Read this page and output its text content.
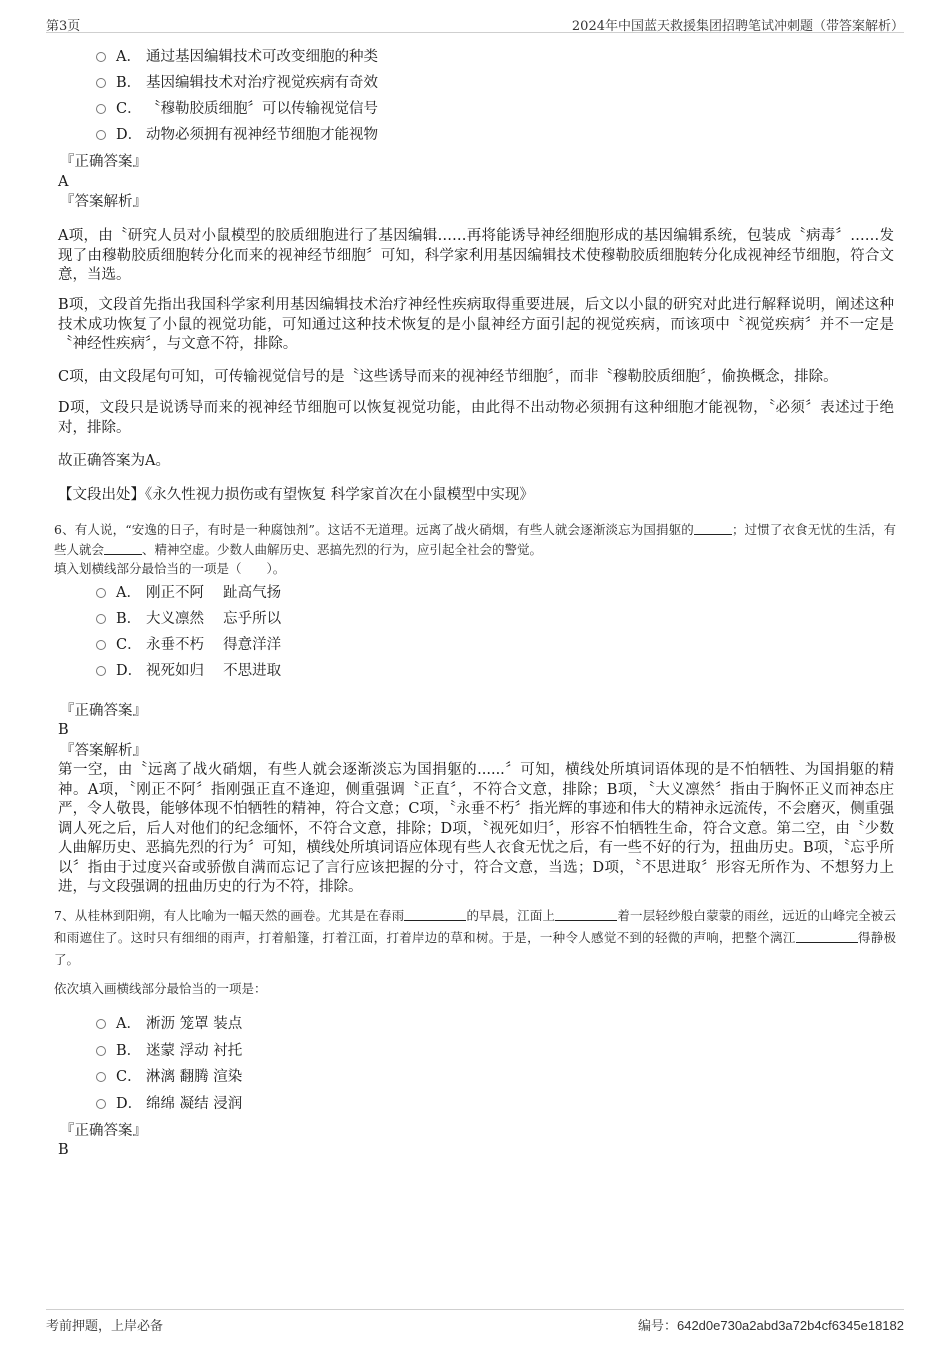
第3页	2024年中国蓝天救援集团招聘笔试冲刺题（带答案解析）
A． 通过基因编辑技术可改变细胞的种类
B． 基因编辑技术对治疗视觉疾病有奇效
C． 〝穆勒胶质细胞〞可以传输视觉信号
D． 动物必须拥有视神经节细胞才能视物
『正确答案』
A
『答案解析』
A项，由〝研究人员对小鼠模型的胶质细胞进行了基因编辑……再将能诱导神经细胞形成的基因编辑系统，包装成〝病毒〞……发现了由穆勒胶质细胞转分化而来的视神经节细胞〞可知，科学家利用基因编辑技术使穆勒胶质细胞转分化成视神经节细胞，符合文意，当选。
B项，文段首先指出我国科学家利用基因编辑技术治疗神经性疾病取得重要进展，后文以小鼠的研究对此进行解释说明，阐述这种技术成功恢复了小鼠的视觉功能，可知通过这种技术恢复的是小鼠神经方面引起的视觉疾病，而该项中〝视觉疾病〞并不一定是〝神经性疾病〞，与文意不符，排除。
C项，由文段尾句可知，可传输视觉信号的是〝这些诱导而来的视神经节细胞〞，而非〝穆勒胶质细胞〞，偷换概念，排除。
D项，文段只是说诱导而来的视神经节细胞可以恢复视觉功能，由此得不出动物必须拥有这种细胞才能视物，〝必须〞表述过于绝对，排除。
故正确答案为A。
【文段出处】《永久性视力损伤或有望恢复 科学家首次在小鼠模型中实现》
6、有人说，“安逸的日子，有时是一种腐蚀剂”。这话不无道理。远离了战火硝烟，有些人就会逐渐淡忘为国捐躯的	；过惯了衣食无忧的生活，有些人就会	、精神空虚。少数人曲解历史、恶搞先烈的行为，应引起全社会的警觉。
填入划横线部分最恰当的一项是（　　）。
A． 刚正不阿　 趾高气扬
B． 大义凛然　 忘乎所以
C． 永垂不朽　 得意洋洋
D． 视死如归　 不思进取
『正确答案』
B
『答案解析』
第一空，由〝远离了战火硝烟，有些人就会逐渐淡忘为国捐躯的......〞可知，横线处所填词语体现的是不怕牺牲、为国捐躯的精神。A项，〝刚正不阿〞指刚强正直不逢迎，侧重强调〝正直〞，不符合文意，排除；B项，〝大义凛然〞指由于胸怀正义而神态庄严，令人敬畏，能够体现不怕牺牲的精神，符合文意；C项，〝永垂不朽〞指光辉的事迹和伟大的精神永远流传，不会磨灭，侧重强调人死之后，后人对他们的纪念缅怀，不符合文意，排除；D项，〝视死如归〞，形容不怕牺牲生命，符合文意。第二空，由〝少数人曲解历史、恶搞先烈的行为〞可知，横线处所填词语应体现有些人衣食无忧之后，有一些不好的行为，扭曲历史。B项，〝忘乎所以〞指由于过度兴奋或骄傲自满而忘记了言行应该把握的分寸，符合文意，当选；D项，〝不思进取〞形容无所作为、不想努力上进，与文段强调的扭曲历史的行为不符，排除。
7、从桂林到阳朔，有人比喻为一幅天然的画卷。尤其是在春雨	的早晨，江面上	着一层轻纱般白蒙蒙的雨丝，远近的山峰完全被云和雨遮住了。这时只有细细的雨声，打着船篷，打着江面，打着岸边的草和树。于是，一种令人感觉不到的轻微的声响，把整个漓江	得静极了。
依次填入画横线部分最恰当的一项是：
A． 淅沥 笼罩 装点
B． 迷蒙 浮动 衬托
C． 淋漓 翻腾 渲染
D． 绵绵 凝结 浸润
『正确答案』
B
考前押题，上岸必备	编号：642d0e730a2abd3a72b4cf6345e18182
